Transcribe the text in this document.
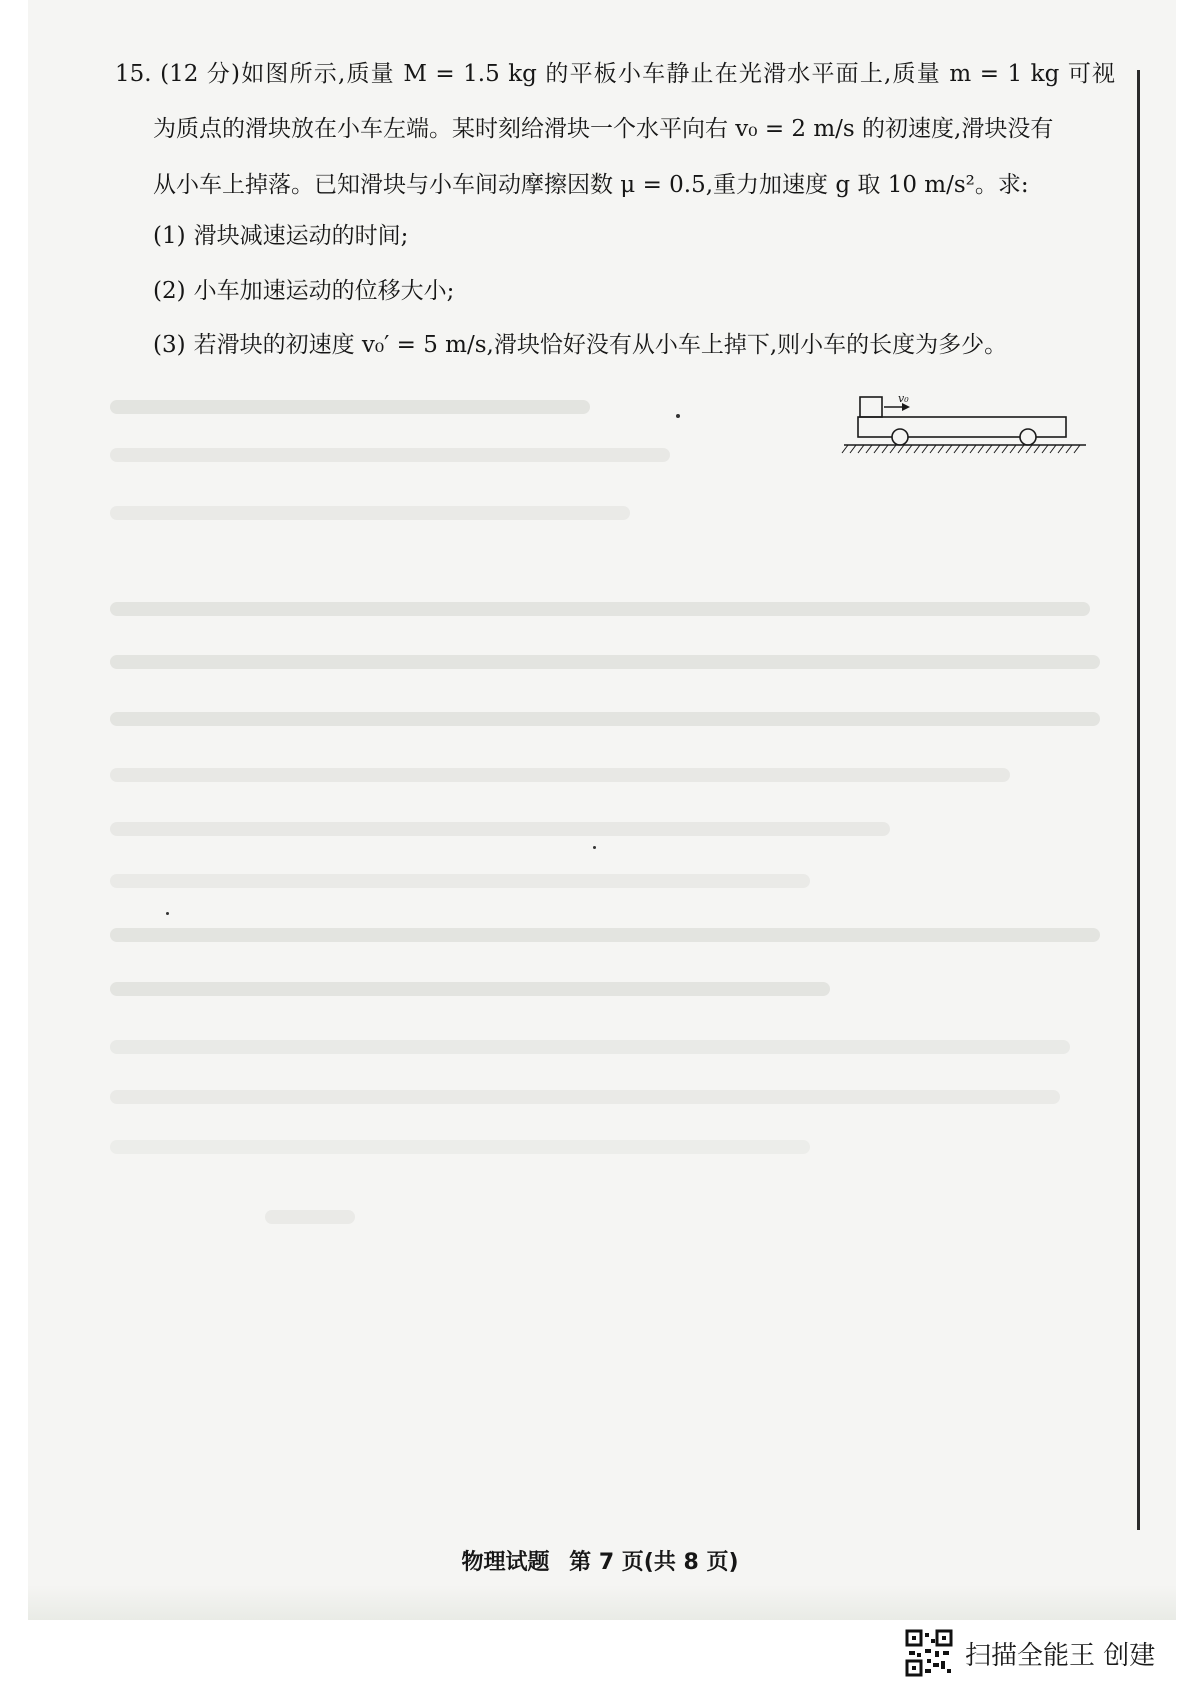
15. (12 分)如图所示,质量 M = 1.5 kg 的平板小车静止在光滑水平面上,质量 m = 1 kg 可视
为质点的滑块放在小车左端。某时刻给滑块一个水平向右 v₀ = 2 m/s 的初速度,滑块没有
从小车上掉落。已知滑块与小车间动摩擦因数 μ = 0.5,重力加速度 g 取 10 m/s²。求:
(1) 滑块减速运动的时间;
(2) 小车加速运动的位移大小;
(3) 若滑块的初速度 v₀′ = 5 m/s,滑块恰好没有从小车上掉下,则小车的长度为多少。
v₀
物理试题 第 7 页(共 8 页)
扫描全能王 创建
